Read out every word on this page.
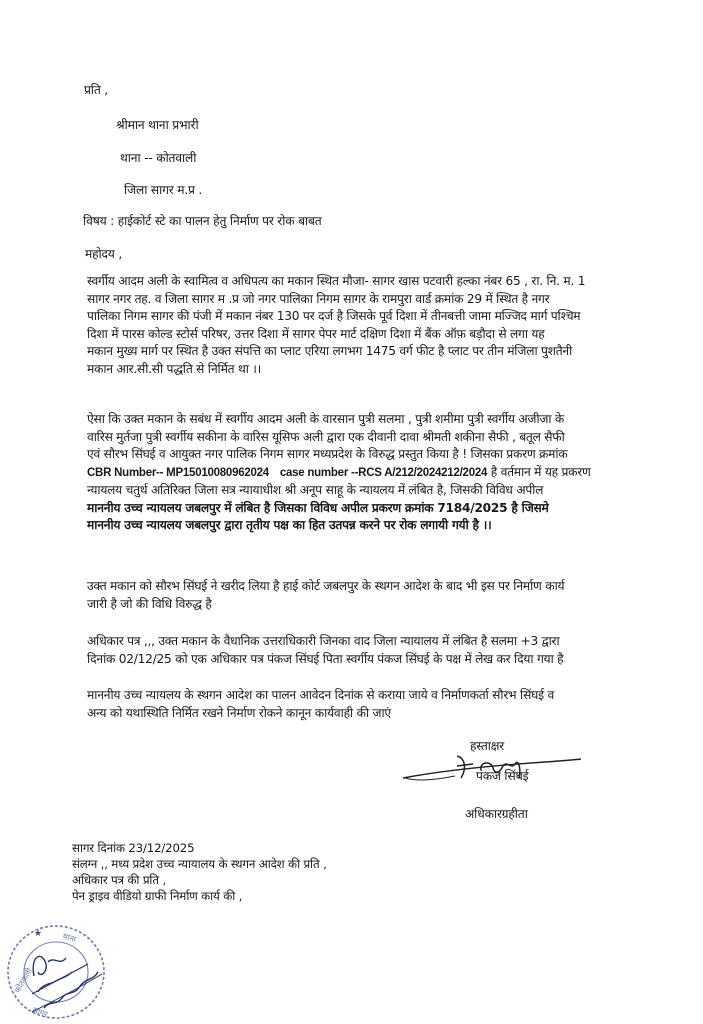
प्रति ,
श्रीमान थाना प्रभारी
थाना -- कोतवाली
जिला सागर म.प्र .
विषय : हाईकोर्ट स्टे का पालन हेतु निर्माण पर रोक बाबत
महोदय ,
स्वर्गीय आदम अली के स्वामित्व व अधिपत्य का मकान स्थित मौजा- सागर खास पटवारी हल्का नंबर 65 , रा. नि. म. 1
सागर नगर तह. व जिला सागर म .प्र जो नगर पालिका निगम सागर के रामपुरा वार्ड क्रमांक 29 में स्थित है नगर
पालिका निगम सागर की पंजी में मकान नंबर 130 पर दर्ज है जिसके पूर्व दिशा में तीनबत्ती जामा मज्जिद मार्ग पश्चिम
दिशा में पारस कोल्ड स्टोर्स परिषर, उत्तर दिशा में सागर पेपर मार्ट दक्षिण दिशा में बैंक ऑफ़ बड़ौदा से लगा यह
मकान मुख्य मार्ग पर स्थित है उक्त संपत्ति का प्लाट एरिया लगभग 1475 वर्ग फीट है प्लाट पर तीन मंजिला पुशतैनी
मकान आर.सी.सी पद्धति से निर्मित था ।।
ऐसा कि उक्त मकान के सबंध में स्वर्गीय आदम अली के वारसान पुत्री सलमा , पुत्री शमीमा पुत्री स्वर्गीय अजीजा के
वारिस मुर्तजा पुत्री स्वर्गीय सकीना के वारिस यूसिफ अली द्वारा एक दीवानी दावा श्रीमती शकीना सैफी , बतूल सैफी
एवं सौरभ सिंघई व आयुक्त नगर पालिक निगम सागर मध्यप्रदेश के विरुद्ध प्रस्तुत किया है ! जिसका प्रकरण क्रमांक
CBR Number-- MP15010080962024 case number --RCS A/212/2024212/2024 है वर्तमान में यह प्रकरण
न्यायलय चतुर्थ अतिरिक्त जिला सत्र न्यायाधीश श्री अनूप साहू के न्यायलय में लंबित है, जिसकी विविध अपील
माननीय उच्च न्यायलय जबलपुर में लंबित है जिसका विविध अपील प्रकरण क्रमांक 7184/2025 है जिसमे
माननीय उच्च न्यायलय जबलपुर द्वारा तृतीय पक्ष का हित उतपन्न करने पर रोक लगायी गयी है ।।
उक्त मकान को सौरभ सिंघई ने खरीद लिया है हाई कोर्ट जबलपुर के स्थगन आदेश के बाद भी इस पर निर्माण कार्य
जारी है जो की विधि विरुद्ध है
अधिकार पत्र ,,, उक्त मकान के वैधानिक उत्तराधिकारी जिनका वाद जिला न्यायालय में लंबित है सलमा +3 द्वारा
दिनांक 02/12/25 को एक अधिकार पत्र पंकज सिंघई पिता स्वर्गीय पंकज सिंघई के पक्ष में लेख कर दिया गया है
माननीय उच्च न्यायलय के स्थगन आदेश का पालन आवेदन दिनांक से कराया जाये व निर्माणकर्ता सौरभ सिंघई व
अन्य को यथास्थिति निर्मित रखने निर्माण रोकने कानून कार्यवाही की जाएं
हस्ताक्षर
पंकज सिंघई
अधिकारग्रहीता
सागर दिनांक 23/12/2025
संलग्न ,, मध्य प्रदेश उच्च न्यायालय के स्थगन आदेश की प्रति ,
अधिकार पत्र की प्रति ,
पेन ड्राइव वीडियो ग्राफी निर्माण कार्य की ,
★ थाना
कोतवाली
सागर
